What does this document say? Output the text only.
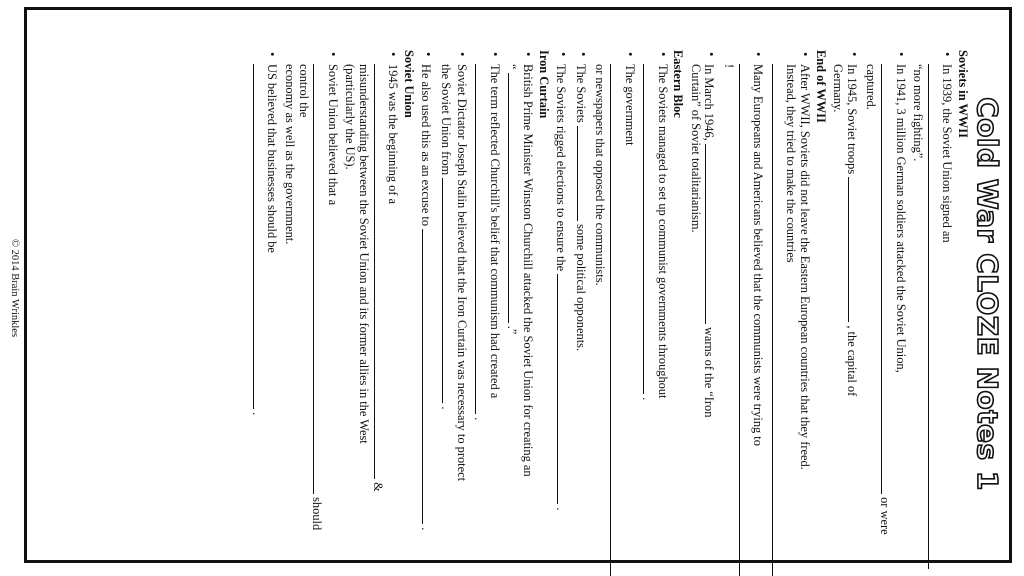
© 2014 Brain Wrinkles	Cold War CLOZE Notes 1
Soviets in WWII
• In 1939, the Soviet Union signed an  “no more fighting”.
• In 1941, 3 million German soldiers attacked the Soviet Union,
or were
captured.
• In 1945, Soviet troops  , the capital of
Germany.
End of WWII
• After WWII, Soviets did not leave the Eastern European countries that they freed.
Instead, they tried to make the countries
• Many Europeans and Americans believed that the communists were trying to
!
• In March 1946,  warns of the “Iron
Curtain” of Soviet totalitarianism.
Eastern Bloc
• The Soviets managed to set up communist governments throughout
.
• The government
or newspapers that opposed the communists.
• The Soviets  some political opponents.
• The Soviets rigged elections to ensure the  .
Iron Curtain
• British Prime Minister Winston Churchill attacked the Soviet Union for creating an
“  .”
• The term reflected Churchill's belief that communism had created a
.
• Soviet Dictator Joseph Stalin believed that the Iron Curtain was necessary to protect
the Soviet Union from  .
• He also used this as an excuse to  .
Soviet Union
• 1945 was the beginning of a  &
misunderstanding between the Soviet Union and its former allies in the West
(particularly the US).
• Soviet Union believed that a  should control the
economy as well as the government.
• US believed that businesses should be  .
